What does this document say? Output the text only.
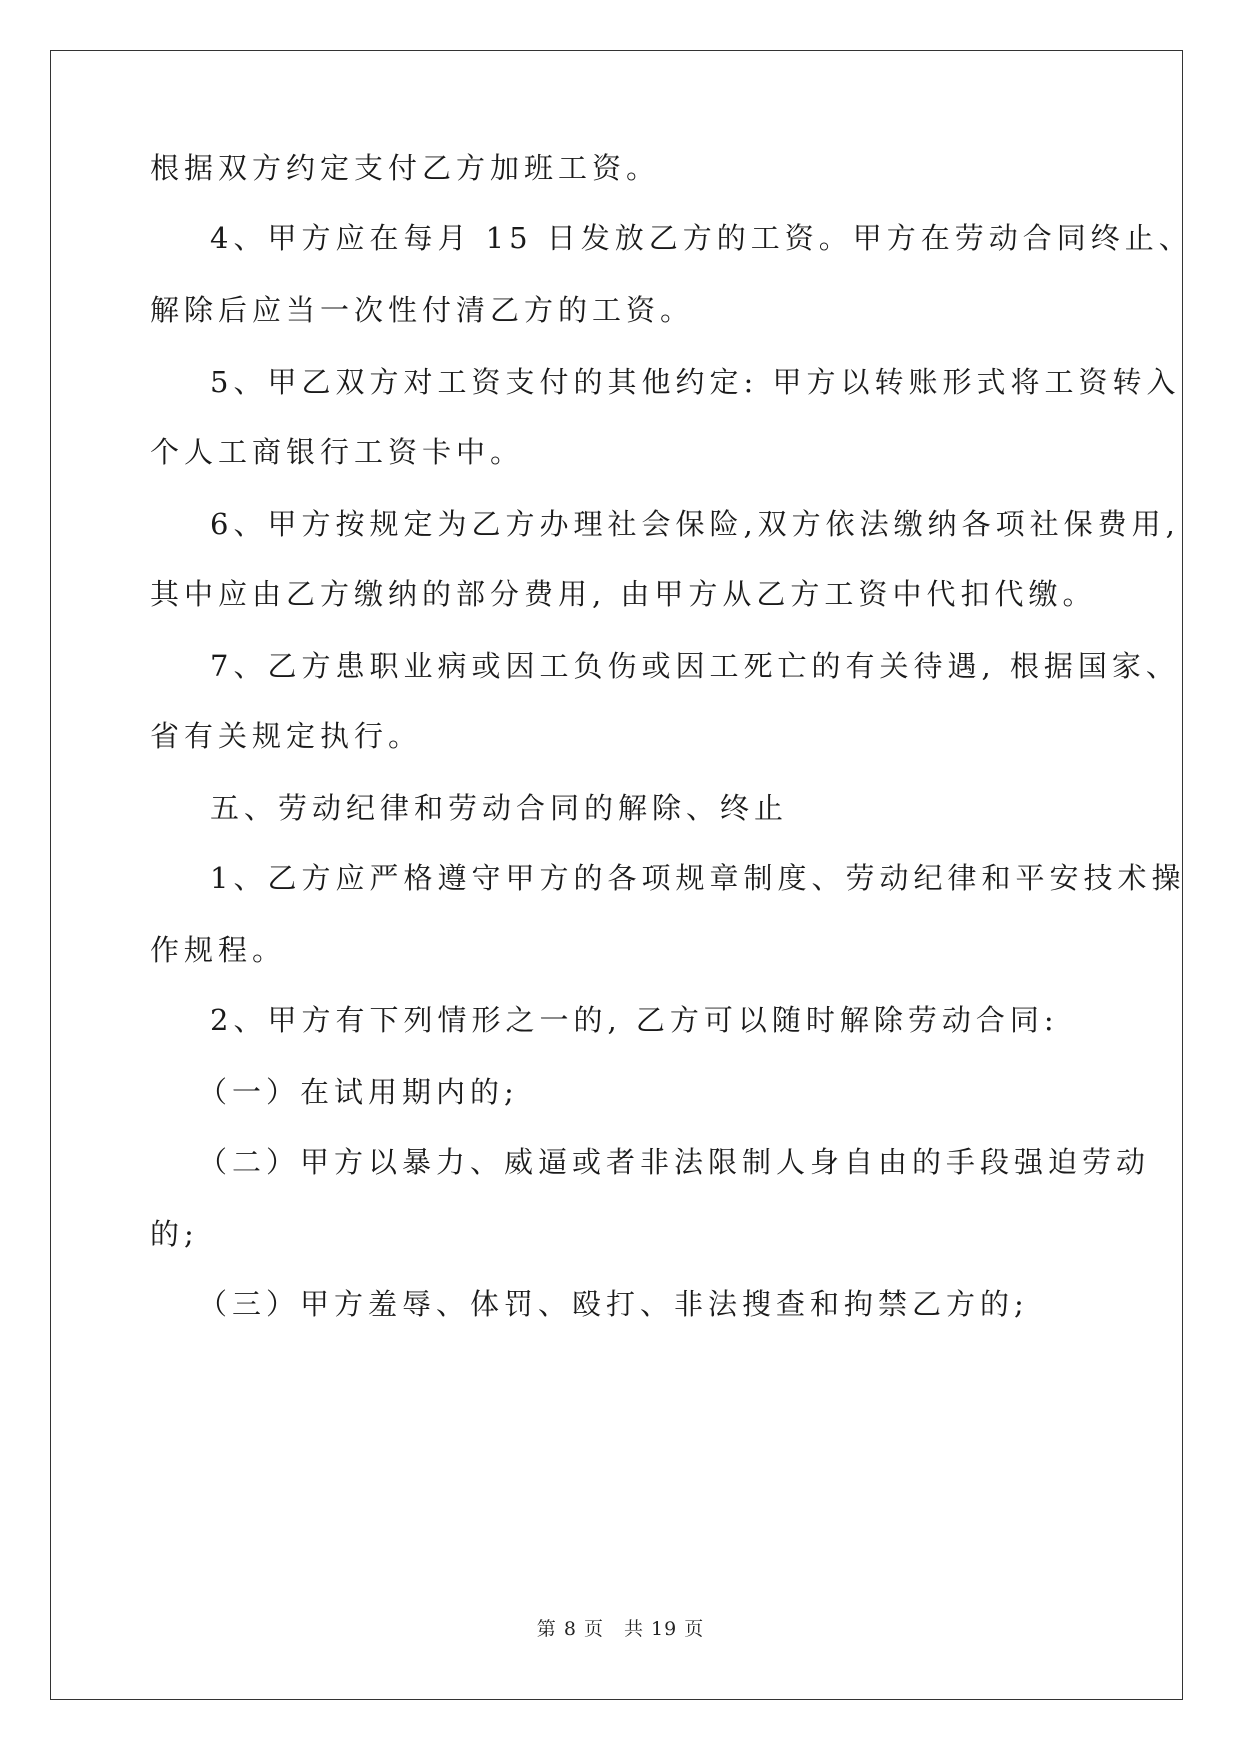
根据双方约定支付乙方加班工资。
4、甲方应在每月 15 日发放乙方的工资。甲方在劳动合同终止、
解除后应当一次性付清乙方的工资。
5、甲乙双方对工资支付的其他约定: 甲方以转账形式将工资转入
个人工商银行工资卡中。
6、甲方按规定为乙方办理社会保险,双方依法缴纳各项社保费用,
其中应由乙方缴纳的部分费用, 由甲方从乙方工资中代扣代缴。
7、乙方患职业病或因工负伤或因工死亡的有关待遇, 根据国家、
省有关规定执行。
五、劳动纪律和劳动合同的解除、终止
1、乙方应严格遵守甲方的各项规章制度、劳动纪律和平安技术操
作规程。
2、甲方有下列情形之一的, 乙方可以随时解除劳动合同:
（一）在试用期内的;
（二）甲方以暴力、威逼或者非法限制人身自由的手段强迫劳动
的;
（三）甲方羞辱、体罚、殴打、非法搜查和拘禁乙方的;
第 8 页　共 19 页
